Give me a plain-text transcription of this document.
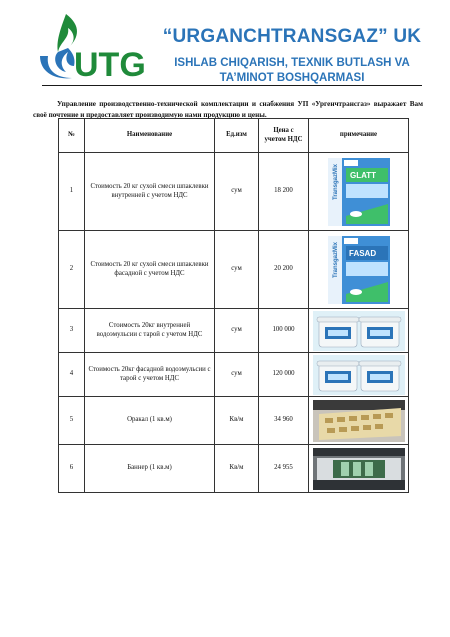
UTG
“URGANCHTRANSGAZ” UK
ISHLAB CHIQARISH, TEXNIK BUTLASH VA
TA’MINOT BOSHQARMASI
Управление производственно-технической комплектации и снабжения УП «Ургенчтрансгаз» выражает Вам своё почтение и предоставляет производимую нами продукцию и цены.
№	Наименование	Ед.изм	Цена с учетом НДС	примечание
1	Стоимость 20 кг сухой смеси шпаклевки внутренней с учетом НДС	сум	18 200	TransgazMix GLATT

2	Стоимость 20 кг сухой смеси шпаклевки фасадной с учетом НДС	сум	20 200	TransgazMix FASAD

3	Стоимость 20кг внутренней водоэмульсии с тарой с учетом НДС	сум	100 000	

4	Стоимость 20кг фасадной водоэмульсии с тарой с учетом НДС	сум	120 000	

5	Оракал (1 кв.м)	Кв/м	34 960	

6	Баннер (1 кв.м)	Кв/м	24 955	
